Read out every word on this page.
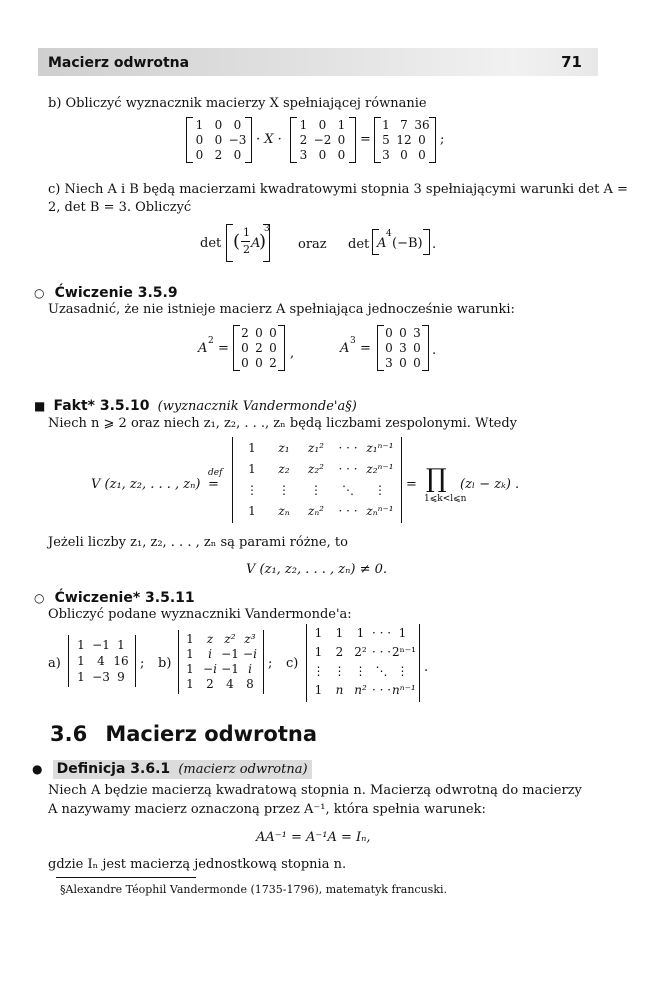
Macierz odwrotna	71
b) Obliczyć wyznacznik macierzy X spełniającej równanie
1 0 0
0 0 −3
0 2 0
· X ·
1 0 1
2 −2 0
3 0 0
=
1 7 36
5 12 0
3 0 0
;
c) Niech A i B będą macierzami kwadratowymi stopnia 3 spełniającymi warunki det A =
2, det B = 3. Obliczyć
det ( 1
2 A
)
3
oraz det A
4
(−B) .
○ Ćwiczenie 3.5.9
Uzasadnić, że nie istnieje macierz A spełniająca jednocześnie warunki:
A 2 =
2 0 0
0 2 0
0 0 2
,	A 3 =
0 0 3
0 3 0
3 0 0
.
■ Fakt* 3.5.10 (wyznacznik Vandermonde'a§)
Niech n ⩾ 2 oraz niech z₁, z₂, . . ., zₙ będą liczbami zespolonymi. Wtedy
V (z₁, z₂, . . . , zₙ)
def
=
1	z₁	z₁²	· · · z₁ⁿ⁻¹
1	z₂	z₂²	· · · z₂ⁿ⁻¹
⋮	⋮	⋮	⋱	⋮
1	zₙ	zₙ²	· · · zₙⁿ⁻¹
= ∏
1⩽k<l⩽n
(zₗ − zₖ) .
Jeżeli liczby z₁, z₂, . . . , zₙ są parami różne, to
V (z₁, z₂, . . . , zₙ) ≠ 0.
○ Ćwiczenie* 3.5.11
Obliczyć podane wyznaczniki Vandermonde'a:
a)
1 −1 1
1	4 16
1 −3 9
; b)
1	z z² z³
1	i −1 −i
1 −i −1 i
1	2	4	8
; c)
1	1	1 · · · 1
1	2 2² · · · 2ⁿ⁻¹
⋮ ⋮ ⋮ ⋱ ⋮
1	n n² · · · nⁿ⁻¹
.
3.6 Macierz odwrotna
● Definicja 3.6.1 (macierz odwrotna)
Niech A będzie macierzą kwadratową stopnia n. Macierzą odwrotną do macierzy
A nazywamy macierz oznaczoną przez A⁻¹, która spełnia warunek:
AA⁻¹ = A⁻¹A = Iₙ,
gdzie Iₙ jest macierzą jednostkową stopnia n.
§Alexandre Téophil Vandermonde (1735-1796), matematyk francuski.
